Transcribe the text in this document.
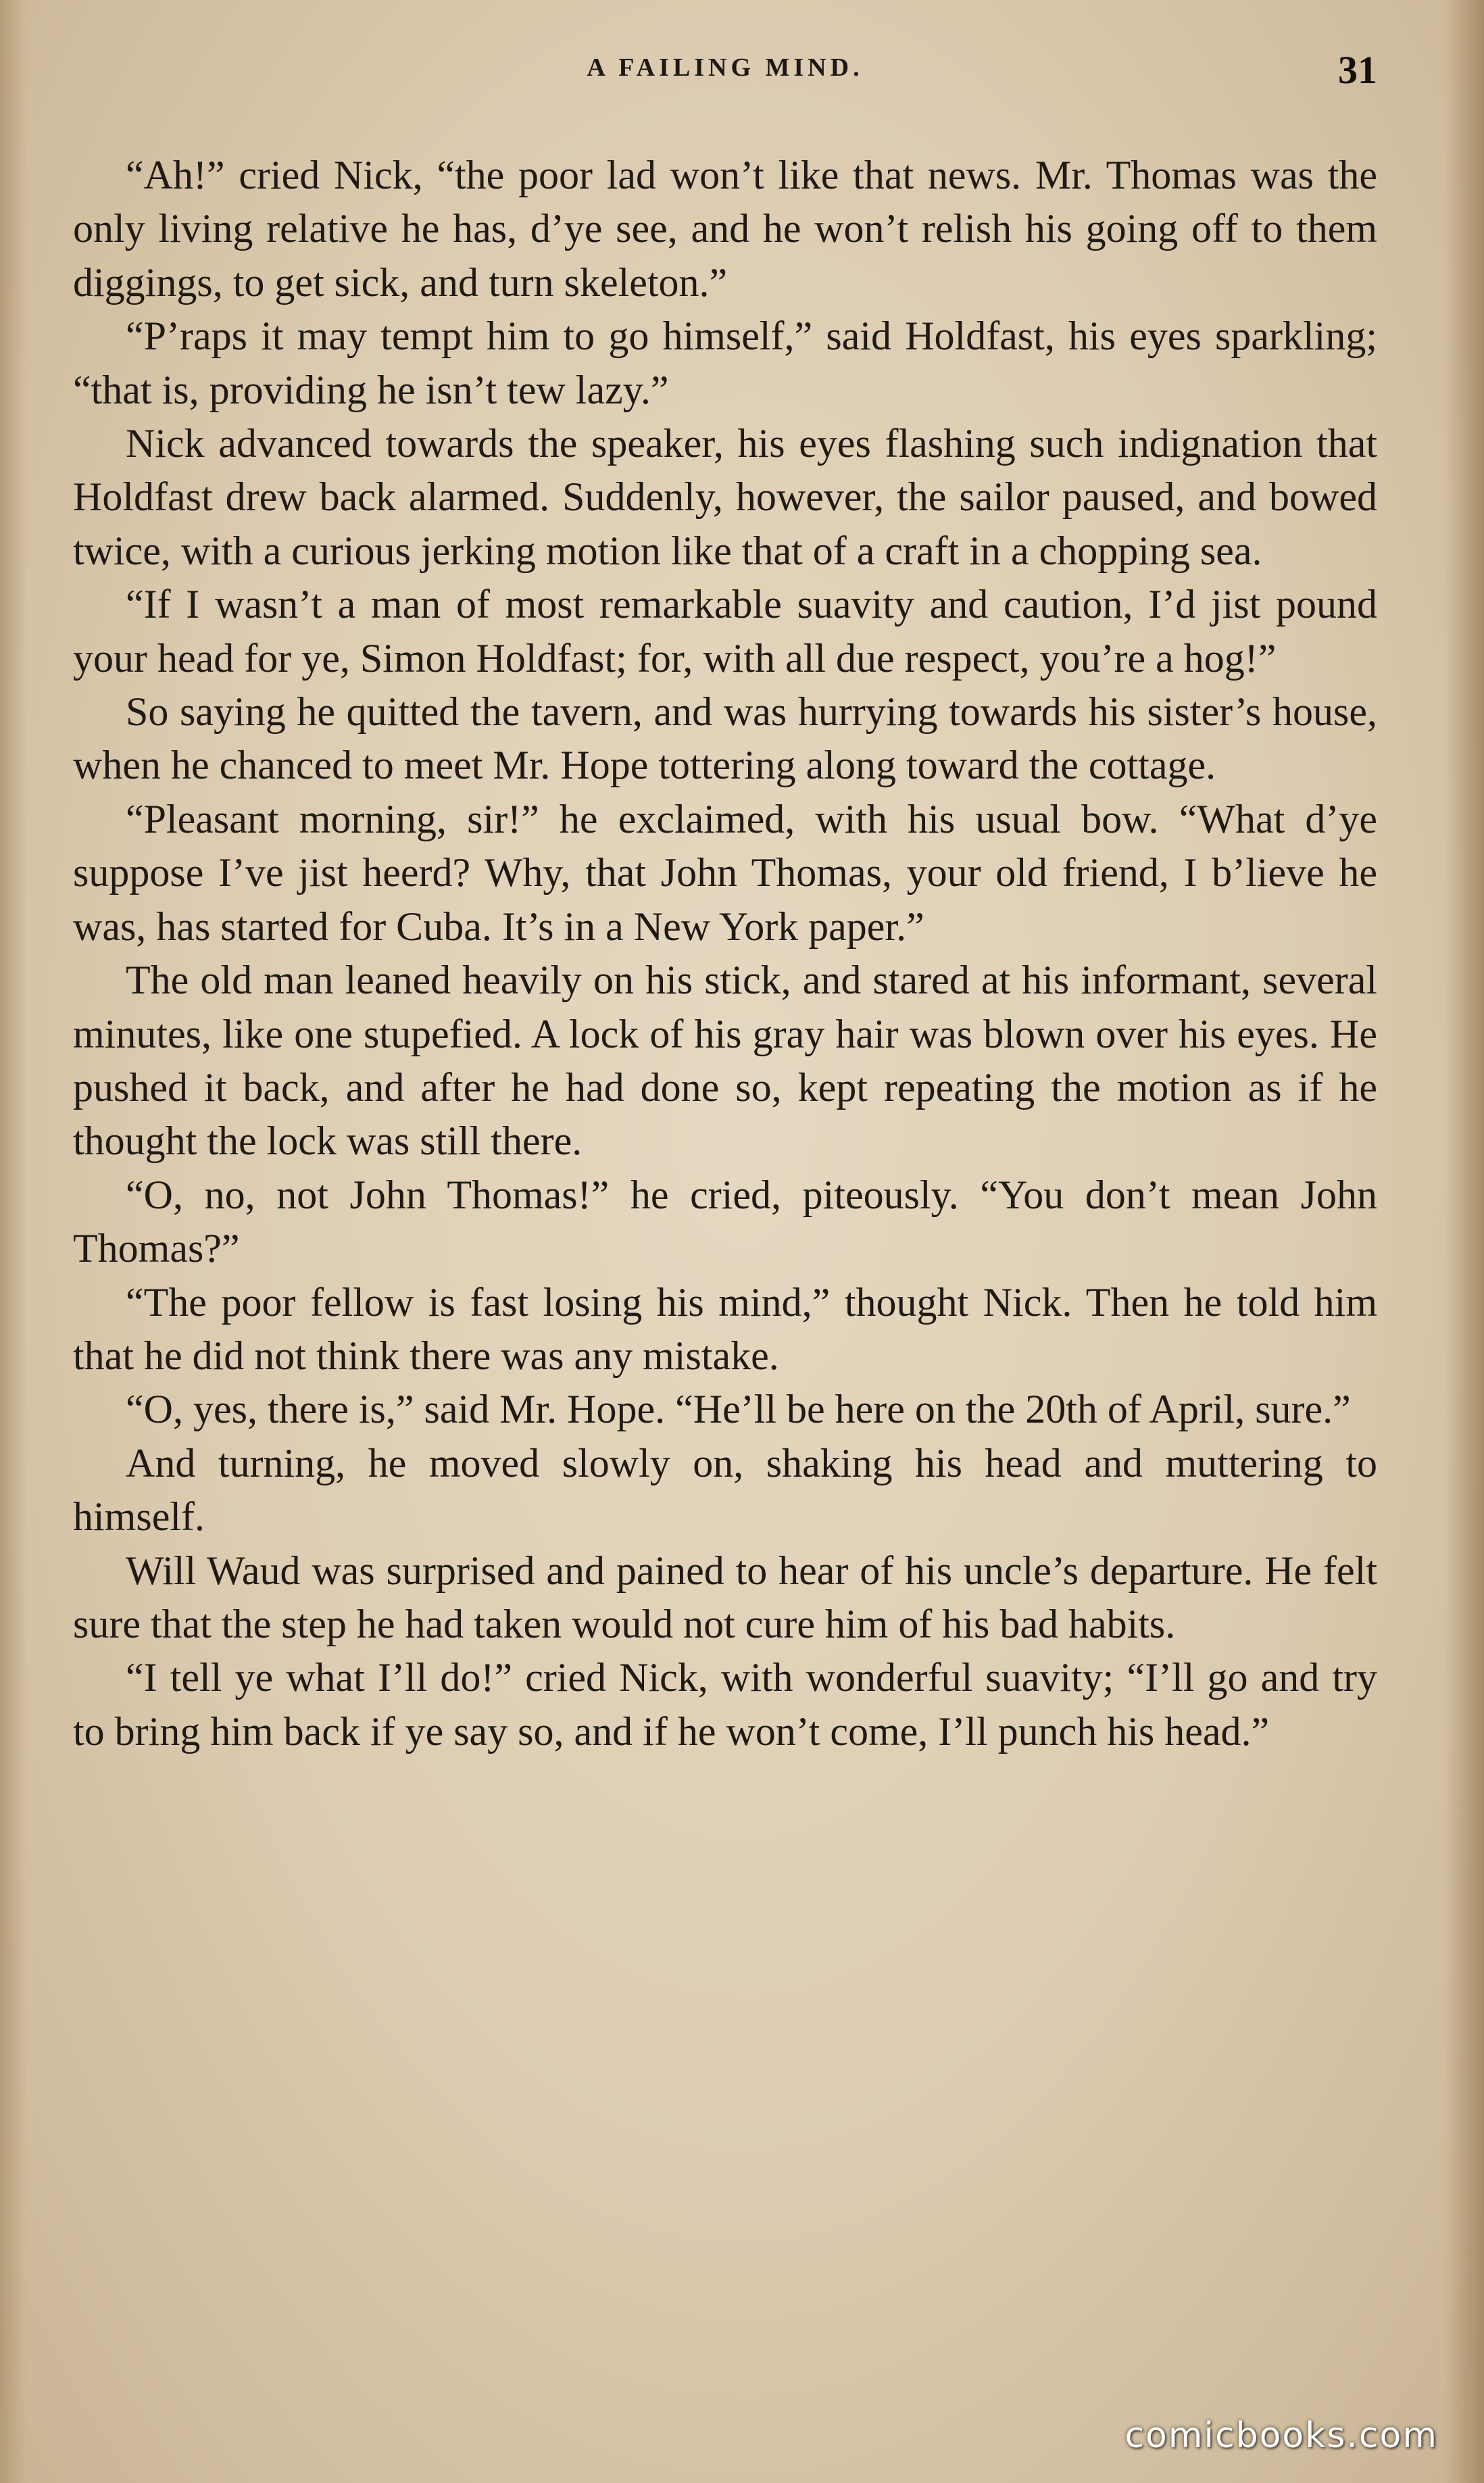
A FAILING MIND.	31

“Ah!” cried Nick, “the poor lad won’t like that news. Mr. Thomas was the only living relative he has, d’ye see, and he won’t relish his going off to them diggings, to get sick, and turn skeleton.”

“P’raps it may tempt him to go himself,” said Holdfast, his eyes sparkling; “that is, providing he isn’t tew lazy.”

Nick advanced towards the speaker, his eyes flashing such indignation that Holdfast drew back alarmed. Suddenly, however, the sailor paused, and bowed twice, with a curious jerking motion like that of a craft in a chopping sea.

“If I wasn’t a man of most remarkable suavity and caution, I’d jist pound your head for ye, Simon Holdfast; for, with all due respect, you’re a hog!”

So saying he quitted the tavern, and was hurrying towards his sister’s house, when he chanced to meet Mr. Hope tottering along toward the cottage.

“Pleasant morning, sir!” he exclaimed, with his usual bow. “What d’ye suppose I’ve jist heerd? Why, that John Thomas, your old friend, I b’lieve he was, has started for Cuba. It’s in a New York paper.”

The old man leaned heavily on his stick, and stared at his informant, several minutes, like one stupefied. A lock of his gray hair was blown over his eyes. He pushed it back, and after he had done so, kept repeating the motion as if he thought the lock was still there.

“O, no, not John Thomas!” he cried, piteously. “You don’t mean John Thomas?”

“The poor fellow is fast losing his mind,” thought Nick. Then he told him that he did not think there was any mistake.

“O, yes, there is,” said Mr. Hope. “He’ll be here on the 20th of April, sure.”

And turning, he moved slowly on, shaking his head and muttering to himself.

Will Waud was surprised and pained to hear of his uncle’s departure. He felt sure that the step he had taken would not cure him of his bad habits.

“I tell ye what I’ll do!” cried Nick, with wonderful suavity; “I’ll go and try to bring him back if ye say so, and if he won’t come, I’ll punch his head.”

comicbooks.com
